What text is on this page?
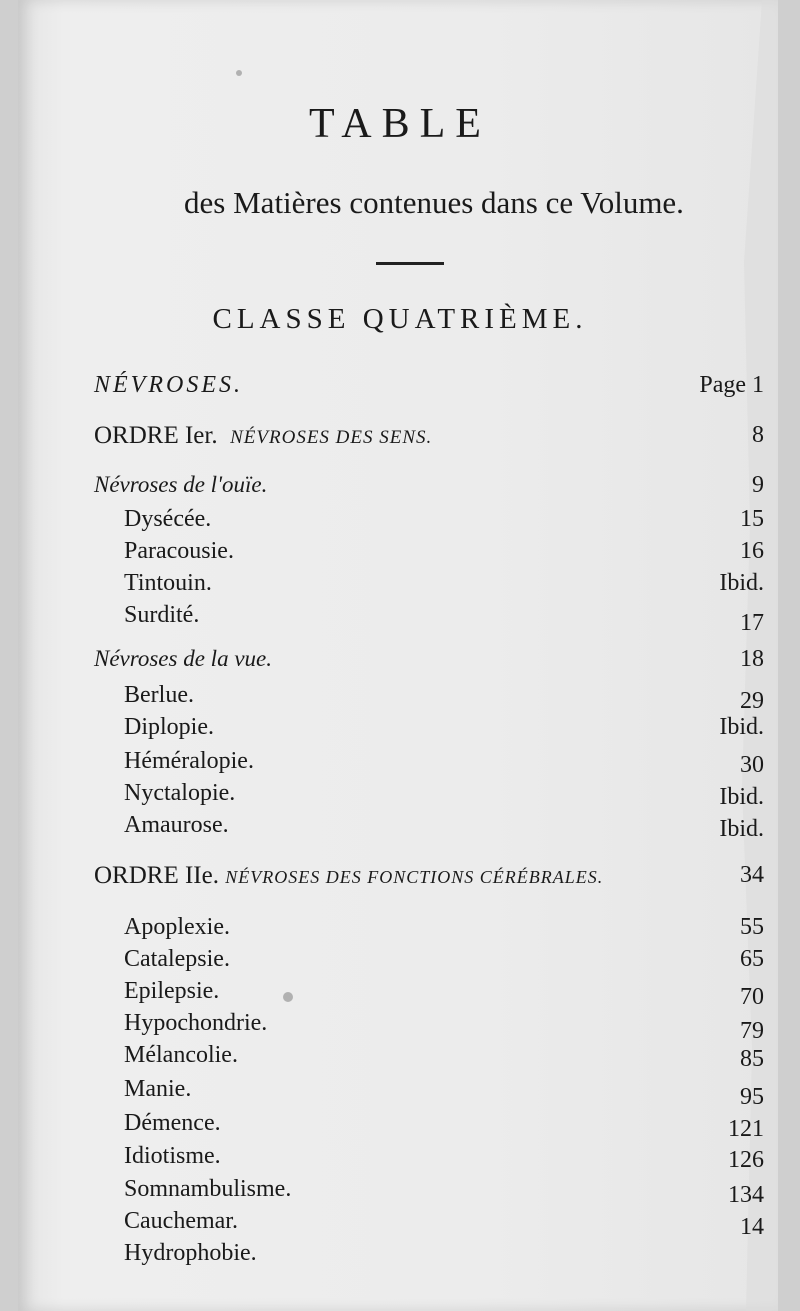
TABLE
des Matières contenues dans ce Volume.
CLASSE QUATRIÈME.
NÉVROSES.	Page 1
ORDRE Ier. NÉVROSES DES SENS.	8
Névroses de l'ouïe.	9
Dysécée.	15
Paracousie.	16
Tintouin.	Ibid.
Surdité.	17
Névroses de la vue.	18
Berlue.	29
Diplopie.	Ibid.
Héméralopie.	30
Nyctalopie.	Ibid.
Amaurose.	Ibid.
ORDRE IIe. NÉVROSES DES FONCTIONS CÉRÉBRALES.	34
Apoplexie.	55
Catalepsie.	65
Epilepsie.	70
Hypochondrie.	79
Mélancolie.	85
Manie.	95
Démence.	121
Idiotisme.	126
Somnambulisme.	134
Cauchemar.	14
Hydrophobie.
